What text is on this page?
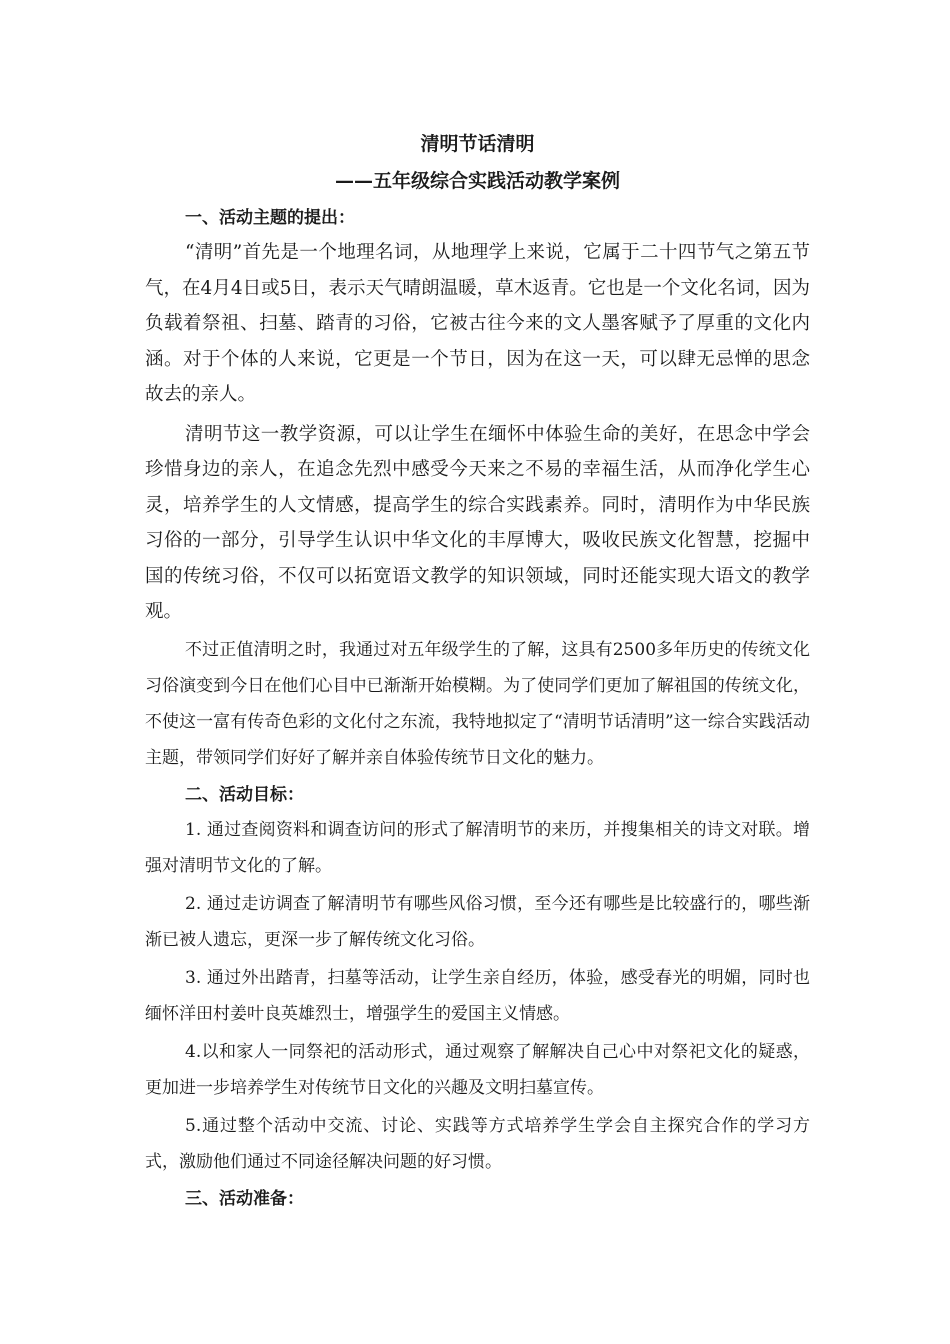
清明节话清明
——五年级综合实践活动教学案例
一、活动主题的提出：

“清明”首先是一个地理名词，从地理学上来说，它属于二十四节气之第五节气，在4月4日或5日，表示天气晴朗温暖，草木返青。它也是一个文化名词，因为负载着祭祖、扫墓、踏青的习俗，它被古往今来的文人墨客赋予了厚重的文化内涵。对于个体的人来说，它更是一个节日，因为在这一天，可以肆无忌惮的思念故去的亲人。

清明节这一教学资源，可以让学生在缅怀中体验生命的美好，在思念中学会珍惜身边的亲人，在追念先烈中感受今天来之不易的幸福生活，从而净化学生心灵，培养学生的人文情感，提高学生的综合实践素养。同时，清明作为中华民族习俗的一部分，引导学生认识中华文化的丰厚博大，吸收民族文化智慧，挖掘中国的传统习俗，不仅可以拓宽语文教学的知识领域，同时还能实现大语文的教学观。

不过正值清明之时，我通过对五年级学生的了解，这具有2500多年历史的传统文化习俗演变到今日在他们心目中已渐渐开始模糊。为了使同学们更加了解祖国的传统文化，不使这一富有传奇色彩的文化付之东流，我特地拟定了“清明节话清明”这一综合实践活动主题，带领同学们好好了解并亲自体验传统节日文化的魅力。

二、活动目标：

1. 通过查阅资料和调查访问的形式了解清明节的来历，并搜集相关的诗文对联。增强对清明节文化的了解。

2. 通过走访调查了解清明节有哪些风俗习惯，至今还有哪些是比较盛行的，哪些渐渐已被人遗忘，更深一步了解传统文化习俗。

3. 通过外出踏青，扫墓等活动，让学生亲自经历，体验，感受春光的明媚，同时也缅怀洋田村姜叶良英雄烈士，增强学生的爱国主义情感。

4.以和家人一同祭祀的活动形式，通过观察了解解决自己心中对祭祀文化的疑惑，更加进一步培养学生对传统节日文化的兴趣及文明扫墓宣传。

5.通过整个活动中交流、讨论、实践等方式培养学生学会自主探究合作的学习方式，激励他们通过不同途径解决问题的好习惯。

三、活动准备：
